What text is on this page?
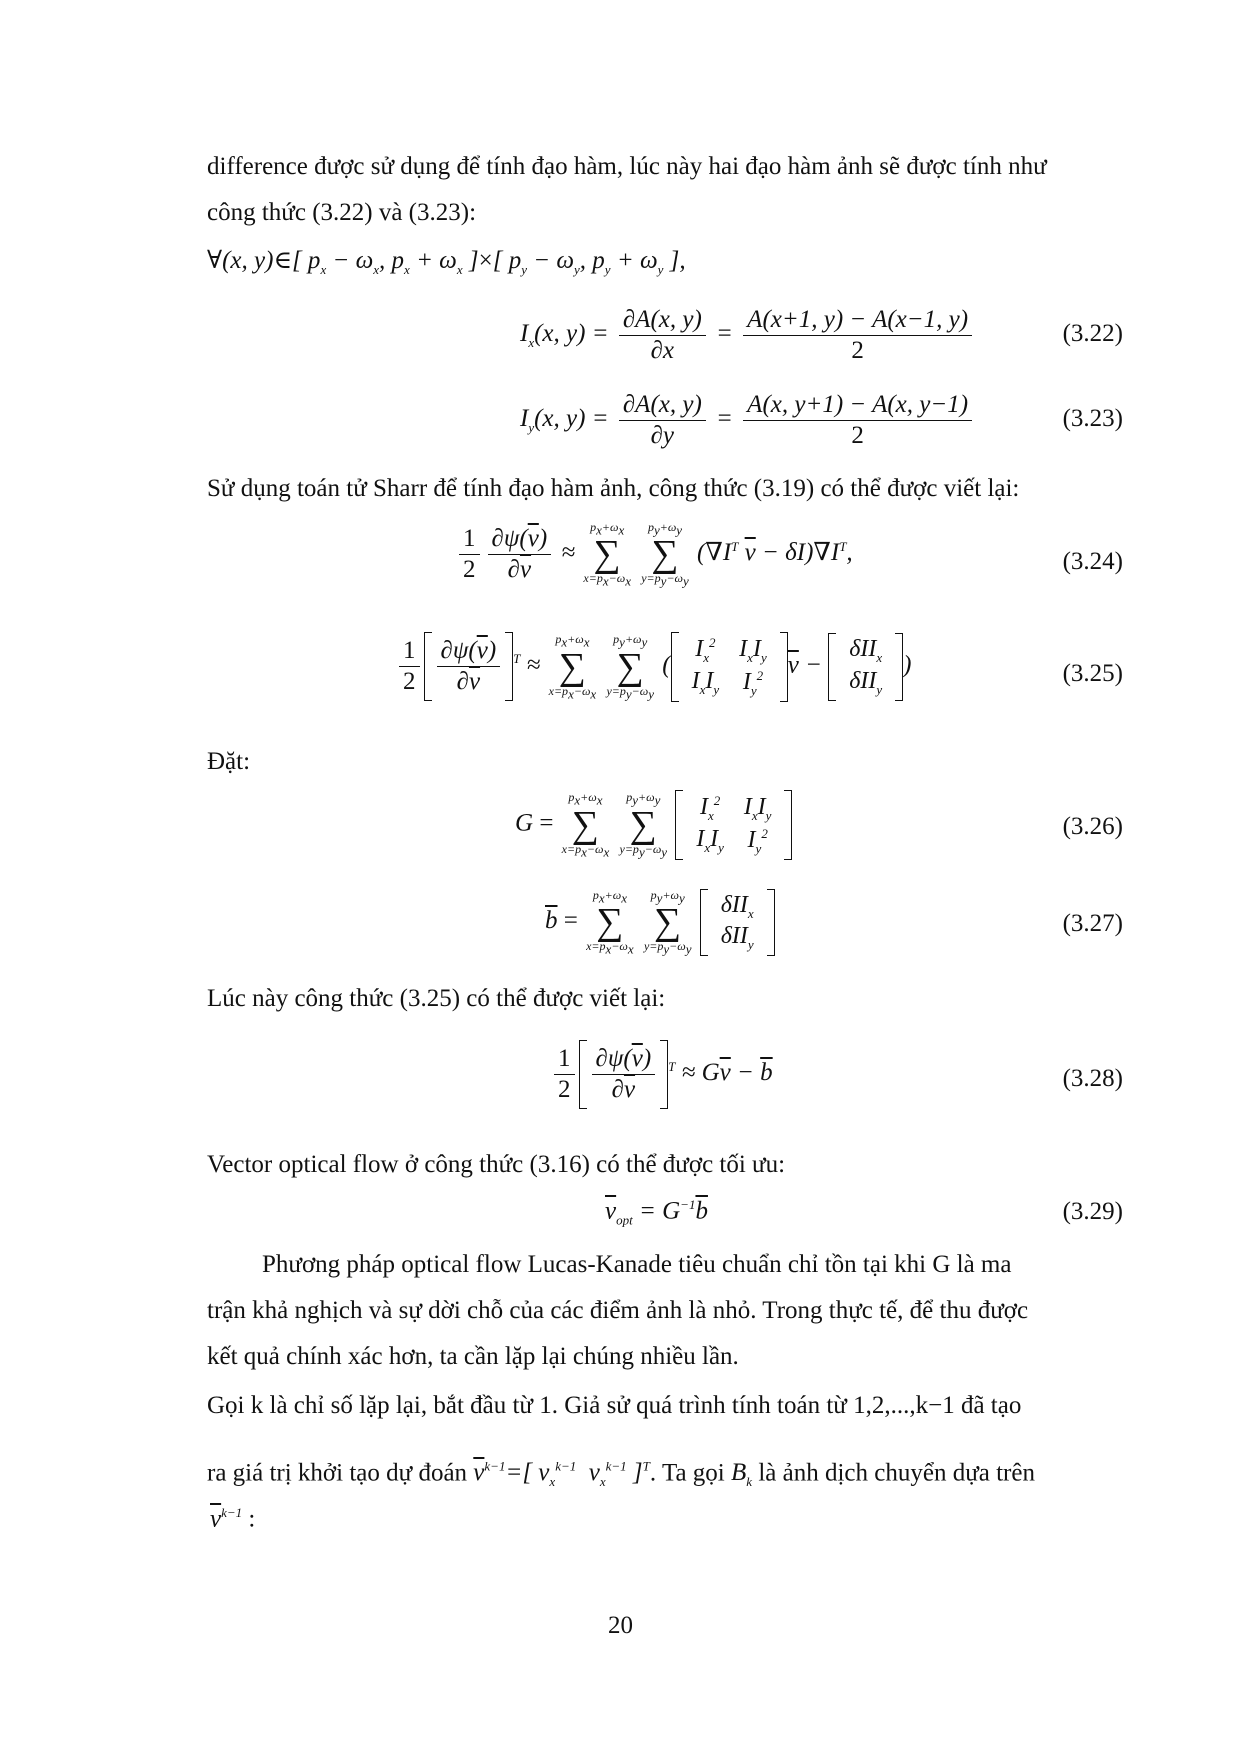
difference được sử dụng để tính đạo hàm, lúc này hai đạo hàm ảnh sẽ được tính như
công thức (3.22) và (3.23):
∀(x, y)∈[ $p_x - \omega_x$, $p_x + \omega_x$ ]×[ $p_y - \omega_y$, $p_y + \omega_y$ ],
$I_x(x$, $y) = \frac{\partial A(x, y)}{\partial x} = \frac{A(x+1, y) - A(x-1, y)}{2}$	(3.22)
$I_y(x$, $y) = \frac{\partial A(x, y)}{\partial y} = \frac{A(x, y+1) - A(x, y-1)}{2}$	(3.23)
Sử dụng toán tử Sharr để tính đạo hàm ảnh, công thức (3.19) có thể được viết lại:
$\frac{1}{2} \frac{\partial\psi(\overline{v})}{\partial\overline{v}}$ ≈
$p_x+\omega_x$
∑
$x=p_x-\omega_x$

$p_y+\omega_y$
∑
$y=p_y-\omega_y$
($\nabla I^T$ $\overline{v} - \delta I)\nabla I^T$,	(3.24)
$\frac{1}{2} \frac{\partial\psi(\overline{v})}{\partial\overline{v}} ^T$ ≈
$p_x+\omega_x$
∑
$x=p_x-\omega_x$

$p_y+\omega_y$
∑
$y=p_y-\omega_y$
(
$I_x^2$	$I_xI_y$
$I_xI_y$	$I_y^2$ $\overline{v}$ −
δII$_x$
δII$_y$
)	(3.25)
Đặt:
G =
$p_x+\omega_x$
∑
$x=p_x-\omega_x$

$p_y+\omega_y$
∑
$y=p_y-\omega_y$

$I_x^2$	$I_xI_y$
$I_xI_y$	$I_y^2$	(3.26)
$\overline{b}$ =
$p_x+\omega_x$
∑
$x=p_x-\omega_x$

$p_y+\omega_y$
∑
$y=p_y-\omega_y$

δII$_x$
δII$_y$
(3.27)
Lúc này công thức (3.25) có thể được viết lại:
$\frac{1}{2} \frac{\partial\psi(\overline{v})}{\partial\overline{v}} ^T \approx G\overline{v} - \overline{b}$	(3.28)
Vector optical flow ở công thức (3.16) có thể được tối ưu:
$\overline{v}_{opt} = G^{-1}\overline{b}$	(3.29)
Phương pháp optical flow Lucas-Kanade tiêu chuẩn chỉ tồn tại khi G là ma
trận khả nghịch và sự dời chỗ của các điểm ảnh là nhỏ. Trong thực tế, để thu được
kết quả chính xác hơn, ta cần lặp lại chúng nhiều lần.
Gọi k là chỉ số lặp lại, bắt đầu từ 1. Giả sử quá trình tính toán từ 1,2,...,k−1 đã tạo
ra giá trị khởi tạo dự đoán $\overline{v}^{k-1}=$[ $v_x^{k-1}$  $v_x^{k-1}$ ]$^T$. Ta gọi $B_k$ là ảnh dịch chuyển dựa trên
$\overline{v}^{k-1}$ :
20
